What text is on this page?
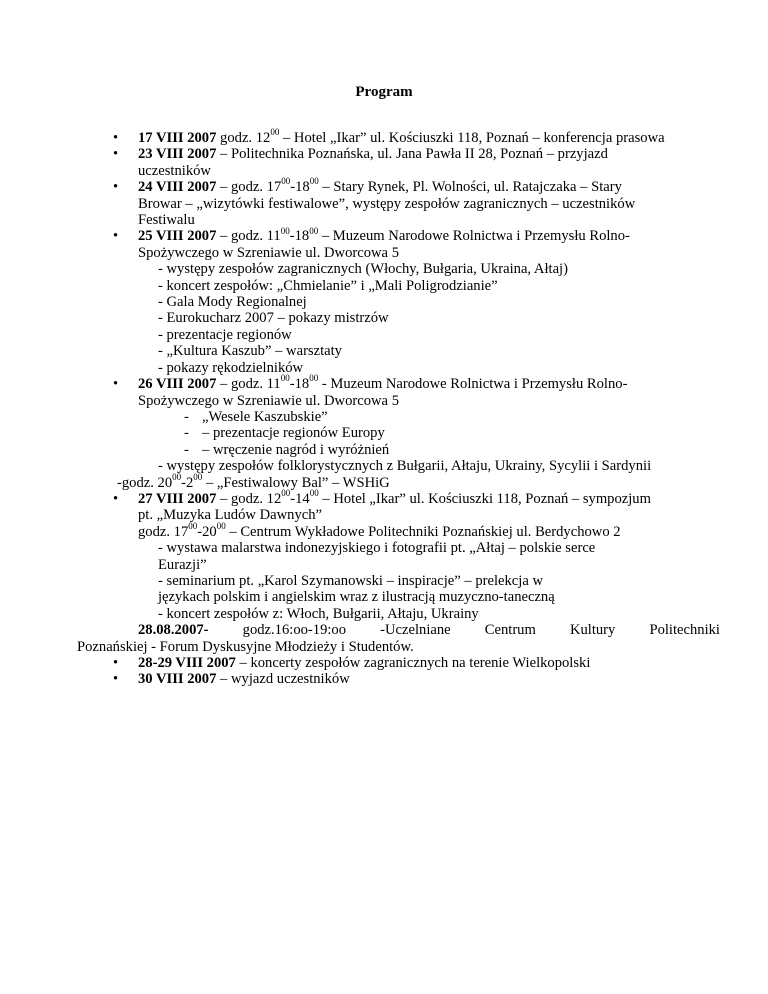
Program
• 17 VIII 2007 godz. $12^{00}$ – Hotel „Ikar” ul. Kościuszki 118, Poznań – konferencja prasowa
• 23 VIII 2007 – Politechnika Poznańska, ul. Jana Pawła II 28, Poznań – przyjazd uczestników
• 24 VIII 2007 – godz. $17^{00}-18^{00}$ – Stary Rynek, Pl. Wolności, ul. Ratajczaka – Stary Browar – „wizytówki festiwalowe”, występy zespołów zagranicznych – uczestników Festiwalu
• 25 VIII 2007 – godz. $11^{00}-18^{00}$ – Muzeum Narodowe Rolnictwa i Przemysłu Rolno-Spożywczego w Szreniawie ul. Dworcowa 5
- występy zespołów zagranicznych (Włochy, Bułgaria, Ukraina, Ałtaj)
- koncert zespołów: „Chmielanie” i „Mali Poligrodzianie”
- Gala Mody Regionalnej
- Eurokucharz 2007 – pokazy mistrzów
- prezentacje regionów
- „Kultura Kaszub” – warsztaty
- pokazy rękodzielników
• 26 VIII 2007 – godz. $11^{00}-18^{00}$ - Muzeum Narodowe Rolnictwa i Przemysłu Rolno-Spożywczego w Szreniawie ul. Dworcowa 5
- „Wesele Kaszubskie”
- – prezentacje regionów Europy
- – wręczenie nagród i wyróżnień
- występy zespołów folklorystycznych z Bułgarii, Ałtaju, Ukrainy, Sycylii i Sardynii
-godz. $20^{00}-2^{00}$ – „Festiwalowy Bal” – WSHiG
• 27 VIII 2007 – godz. $12^{00}-14^{00}$ – Hotel „Ikar” ul. Kościuszki 118, Poznań – sympozjum pt. „Muzyka Ludów Dawnych”
godz. $17^{00}-20^{00}$ – Centrum Wykładowe Politechniki Poznańskiej ul. Berdychowo 2
- wystawa malarstwa indonezyjskiego i fotografii pt. „Ałtaj – polskie serce Eurazji”
- seminarium pt. „Karol Szymanowski – inspiracje” – prelekcja w językach polskim i angielskim wraz z ilustracją muzyczno-taneczną
- koncert zespołów z: Włoch, Bułgarii, Ałtaju, Ukrainy
28.08.2007- godz.16:oo-19:oo -Uczelniane Centrum Kultury Politechniki
Poznańskiej - Forum Dyskusyjne Młodzieży i Studentów.
• 28-29 VIII 2007 – koncerty zespołów zagranicznych na terenie Wielkopolski
• 30 VIII 2007 – wyjazd uczestników
